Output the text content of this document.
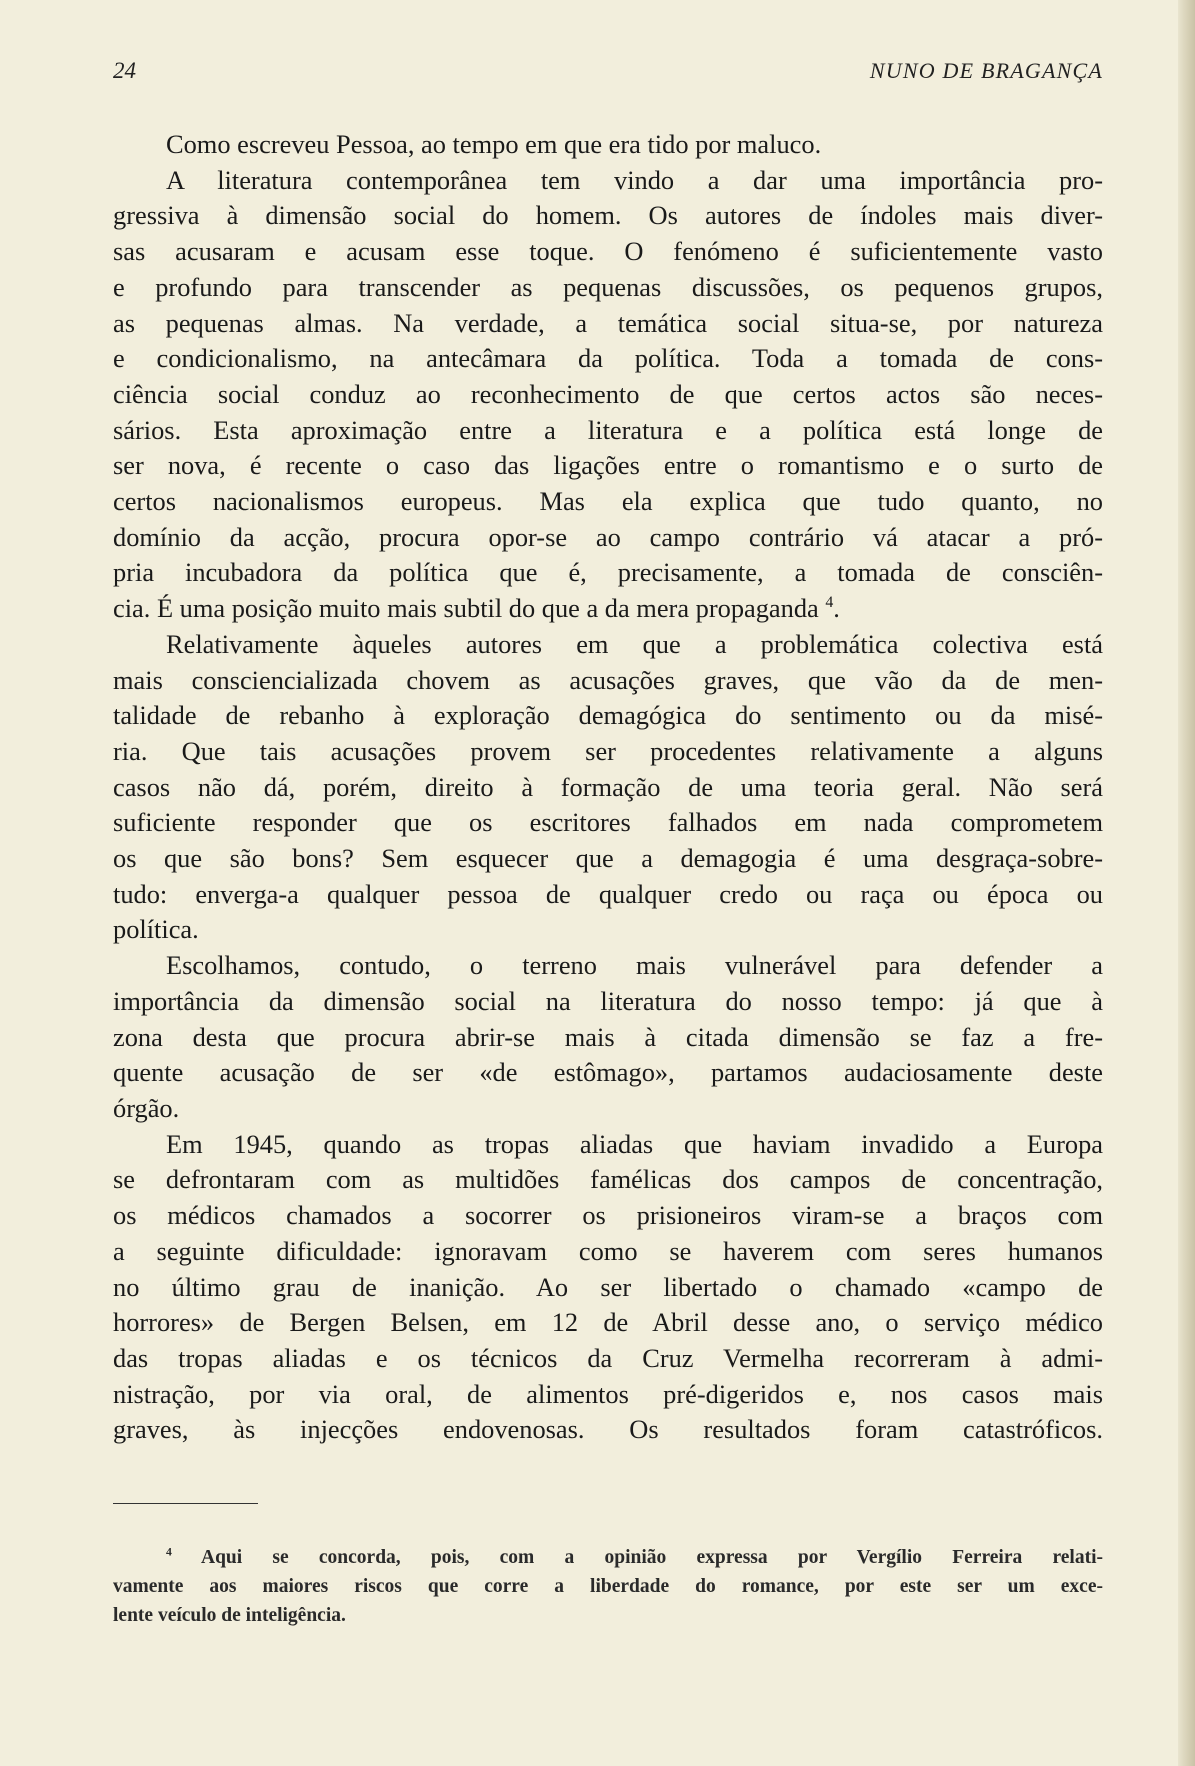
24	NUNO DE BRAGANÇA

Como escreveu Pessoa, ao tempo em que era tido por maluco.

A literatura contemporânea tem vindo a dar uma importância pro-
gressiva à dimensão social do homem. Os autores de índoles mais diver-
sas acusaram e acusam esse toque. O fenómeno é suficientemente vasto
e profundo para transcender as pequenas discussões, os pequenos grupos,
as pequenas almas. Na verdade, a temática social situa-se, por natureza
e condicionalismo, na antecâmara da política. Toda a tomada de cons-
ciência social conduz ao reconhecimento de que certos actos são neces-
sários. Esta aproximação entre a literatura e a política está longe de
ser nova, é recente o caso das ligações entre o romantismo e o surto de
certos nacionalismos europeus. Mas ela explica que tudo quanto, no
domínio da acção, procura opor-se ao campo contrário vá atacar a pró-
pria incubadora da política que é, precisamente, a tomada de consciên-
cia. É uma posição muito mais subtil do que a da mera propaganda $^4$.

Relativamente àqueles autores em que a problemática colectiva está
mais consciencializada chovem as acusações graves, que vão da de men-
talidade de rebanho à exploração demagógica do sentimento ou da misé-
ria. Que tais acusações provem ser procedentes relativamente a alguns
casos não dá, porém, direito à formação de uma teoria geral. Não será
suficiente responder que os escritores falhados em nada comprometem
os que são bons? Sem esquecer que a demagogia é uma desgraça-sobre-
tudo: enverga-a qualquer pessoa de qualquer credo ou raça ou época ou
política.

Escolhamos, contudo, o terreno mais vulnerável para defender a
importância da dimensão social na literatura do nosso tempo: já que à
zona desta que procura abrir-se mais à citada dimensão se faz a fre-
quente acusação de ser «de estômago», partamos audaciosamente deste
órgão.

Em 1945, quando as tropas aliadas que haviam invadido a Europa
se defrontaram com as multidões famélicas dos campos de concentração,
os médicos chamados a socorrer os prisioneiros viram-se a braços com
a seguinte dificuldade: ignoravam como se haverem com seres humanos
no último grau de inanição. Ao ser libertado o chamado «campo de
horrores» de Bergen Belsen, em 12 de Abril desse ano, o serviço médico
das tropas aliadas e os técnicos da Cruz Vermelha recorreram à admi-
nistração, por via oral, de alimentos pré-digeridos e, nos casos mais
graves, às injecções endovenosas. Os resultados foram catastróficos.

$^4$ Aqui se concorda, pois, com a opinião expressa por Vergílio Ferreira relati-
vamente aos maiores riscos que corre a liberdade do romance, por este ser um exce-
lente veículo de inteligência.
